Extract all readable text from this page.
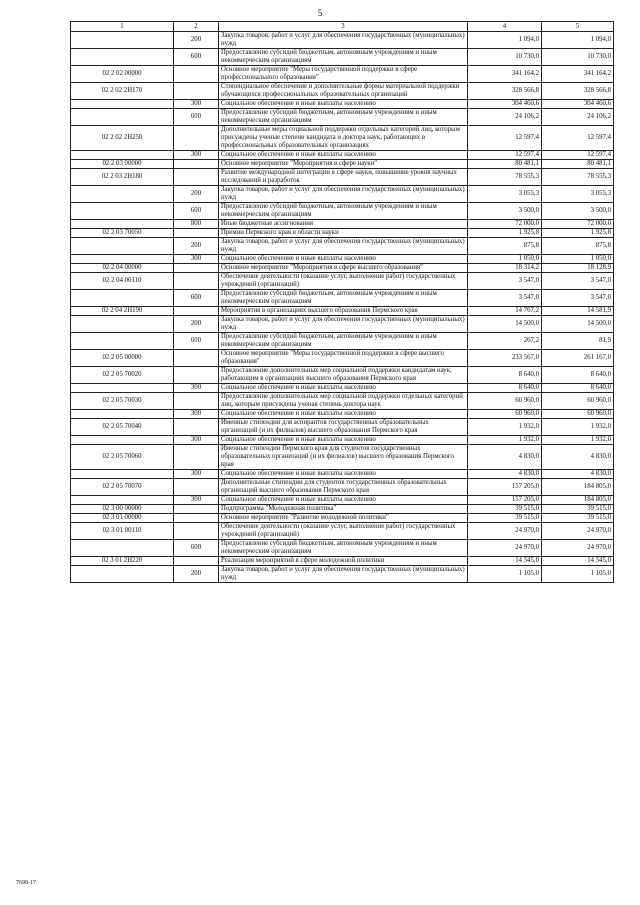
5
1	2	3	4	5
	200	Закупка товаров, работ и услуг для обеспечения государственных (муниципальных) нужд	1 094,0	1 094,0
	600	Предоставление субсидий бюджетным, автономным учреждениям и иным некоммерческим организациям	10 730,0	10 730,0
02 2 02 00000		Основное мероприятие "Меры государственной поддержки в сфере профессионального образования"	341 164,2	341 164,2
02 2 02 2Н170		Стипендиальное обеспечение и дополнительные формы материальной поддержки обучающихся профессиональных образовательных организаций	328 566,8	328 566,8
	300	Социальное обеспечение и иные выплаты населению	304 460,6	304 460,6
	600	Предоставление субсидий бюджетным, автономным учреждениям и иным некоммерческим организациям	24 106,2	24 106,2
02 2 02 2Н250		Дополнительные меры социальной поддержки отдельных категорий лиц, которым присуждены ученые степени кандидата и доктора наук, работающих в профессиональных образовательных организациях	12 597,4	12 597,4
	300	Социальное обеспечение и иные выплаты населению	12 597,4	12 597,4
02 2 03 00000		Основное мероприятие "Мероприятия в сфере науки"	80 481,1	80 481,1
02 2 03 2Н180		Развитие международной интеграции в сфере науки, повышение уровня научных исследований и разработок	78 555,3	78 555,3
	200	Закупка товаров, работ и услуг для обеспечения государственных (муниципальных) нужд	3 055,3	3 055,3
	600	Предоставление субсидий бюджетным, автономным учреждениям и иным некоммерческим организациям	3 500,0	3 500,0
	800	Иные бюджетные ассигнования	72 000,0	72 000,0
02 2 03 70050		Премии Пермского края в области науки	1 925,8	1 925,8
	200	Закупка товаров, работ и услуг для обеспечения государственных (муниципальных) нужд	875,8	875,8
	300	Социальное обеспечение и иные выплаты населению	1 050,0	1 050,0
02 2 04 00000		Основное мероприятие "Мероприятия в сфере высшего образования"	18 314,2	18 128,9
02 2 04 00110		Обеспечение деятельности (оказание услуг, выполнение работ) государственных учреждений (организаций)	3 547,0	3 547,0
	600	Предоставление субсидий бюджетным, автономным учреждениям и иным некоммерческим организациям	3 547,0	3 547,0
02 2 04 2Н190		Мероприятия в организациях высшего образования Пермского края	14 767,2	14 581,9
	200	Закупка товаров, работ и услуг для обеспечения государственных (муниципальных) нужд	14 500,0	14 500,0
	600	Предоставление субсидий бюджетным, автономным учреждениям и иным некоммерческим организациям	267,2	81,9
02 2 05 00000		Основное мероприятие "Меры государственной поддержки в сфере высшего образования"	233 567,0	261 167,0
02 2 05 70020		Предоставление дополнительных мер социальной поддержки кандидатам наук, работающим в организациях высшего образования Пермского края	8 640,0	8 640,0
	300	Социальное обеспечение и иные выплаты населению	8 640,0	8 640,0
02 2 05 70030		Предоставление дополнительных мер социальной поддержки отдельных категорий лиц, которым присуждена ученая степень доктора наук	60 960,0	60 960,0
	300	Социальное обеспечение и иные выплаты населению	60 960,0	60 960,0
02 2 05 70040		Именные стипендии для аспирантов государственных образовательных организаций (и их филиалов) высшего образования Пермского края	1 932,0	1 932,0
	300	Социальное обеспечение и иные выплаты населению	1 932,0	1 932,0
02 2 05 70060		Именные стипендии Пермского края для студентов государственных образовательных организаций (и их филиалов) высшего образования Пермского края	4 830,0	4 830,0
	300	Социальное обеспечение и иные выплаты населению	4 830,0	4 830,0
02 2 05 70070		Дополнительные стипендии для студентов государственных образовательных организаций высшего образования Пермского края	157 205,0	184 805,0
	300	Социальное обеспечение и иные выплаты населению	157 205,0	184 805,0
02 3 00 00000		Подпрограмма "Молодежная политика"	39 515,0	39 515,0
02 3 01 00000		Основное мероприятие "Развитие молодежной политики"	39 515,0	39 515,0
02 3 01 00110		Обеспечение деятельности (оказание услуг, выполнение работ) государственных учреждений (организаций)	24 970,0	24 970,0
	600	Предоставление субсидий бюджетным, автономным учреждениям и иным некоммерческим организациям	24 970,0	24 970,0
02 3 01 2Н220		Реализация мероприятий в сфере молодежной политики	14 545,0	14 545,0
	200	Закупка товаров, работ и услуг для обеспечения государственных (муниципальных) нужд	1 105,0	1 105,0
7698-17
